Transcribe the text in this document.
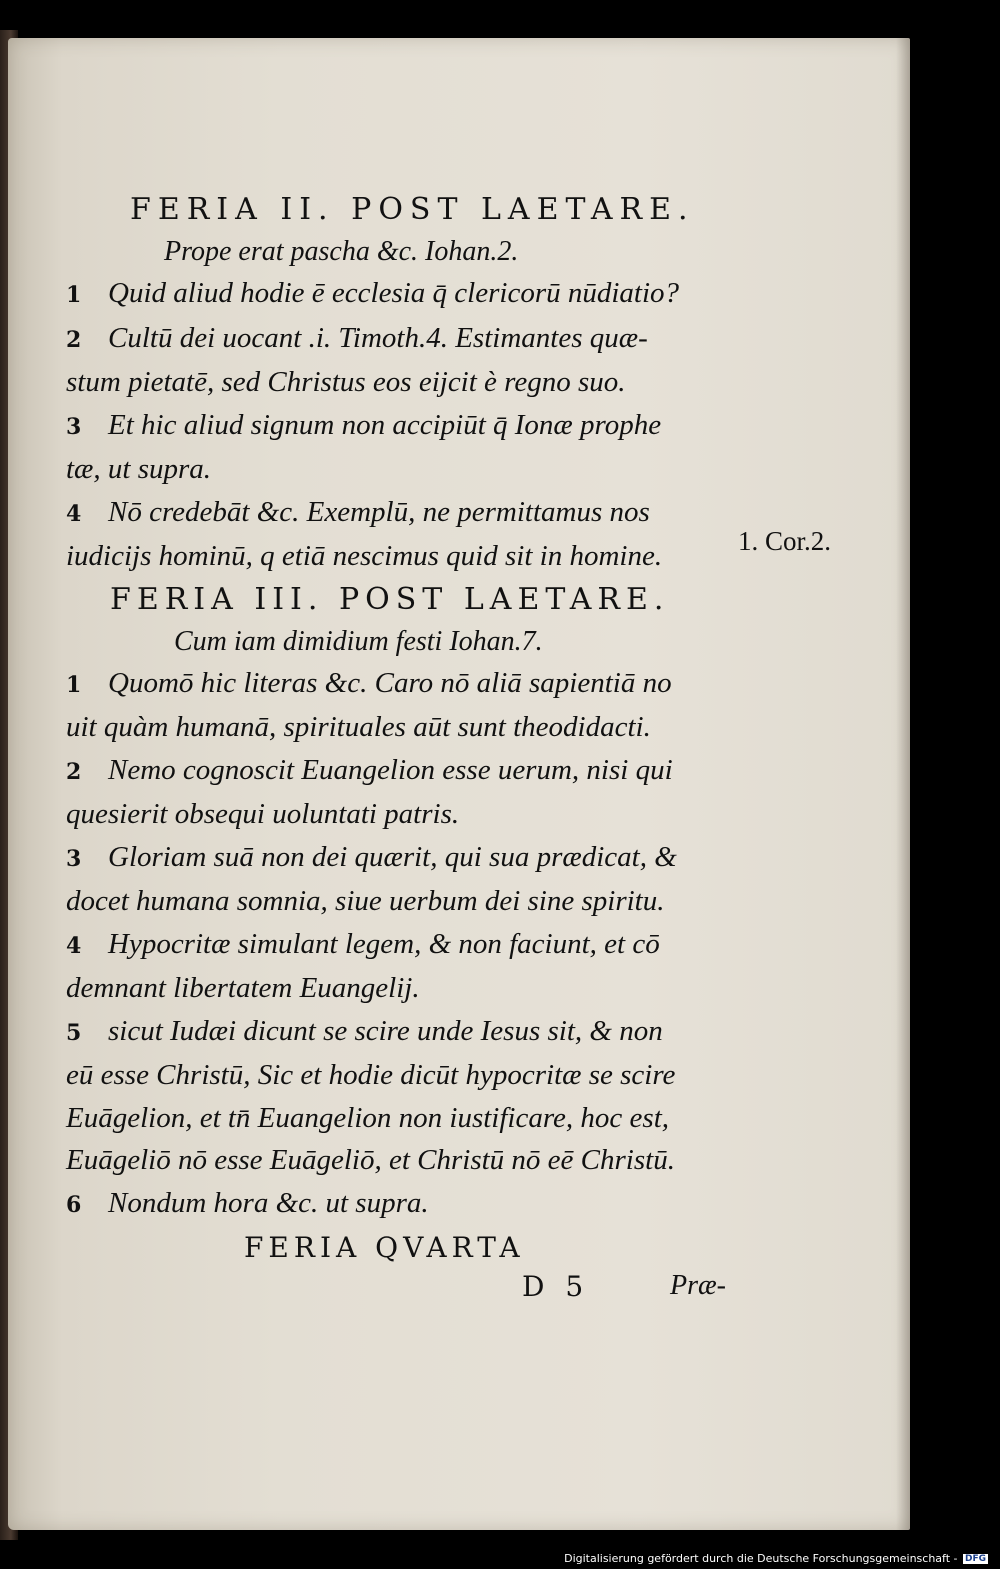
FERIA II. POST LAETARE.
Prope erat pascha &c. Iohan.2.
1 Quid aliud hodie ē ecclesia q̄ clericorū nūdiatio?
2 Cultū dei uocant .i. Timoth.4. Estimantes quæ-
stum pietatē, sed Christus eos eijcit è regno suo.
3 Et hic aliud signum non accipiūt q̄ Ionæ prophe
tæ, ut supra.
4 Nō credebāt &c. Exemplū, ne permittamus nos
iudicijs hominū, q etiā nescimus quid sit in homine.
FERIA III. POST LAETARE.
Cum iam dimidium festi Iohan.7.
1 Quomō hic literas &c. Caro nō aliā sapientiā no
uit quàm humanā, spirituales aūt sunt theodidacti.
2 Nemo cognoscit Euangelion esse uerum, nisi qui
quesierit obsequi uoluntati patris.
3 Gloriam suā non dei quærit, qui sua prædicat, &
docet humana somnia, siue uerbum dei sine spiritu.
4 Hypocritæ simulant legem, & non faciunt, et cō
demnant libertatem Euangelij.
5 sicut Iudæi dicunt se scire unde Iesus sit, & non
eū esse Christū, Sic et hodie dicūt hypocritæ se scire
Euāgelion, et tn̄ Euangelion non iustificare, hoc est,
Euāgeliō nō esse Euāgeliō, et Christū nō eē Christū.
6 Nondum hora &c. ut supra.
FERIA QVARTA
D 5	Præ-
1. Cor.2.
Digitalisierung gefördert durch die Deutsche Forschungsgemeinschaft - DFG
